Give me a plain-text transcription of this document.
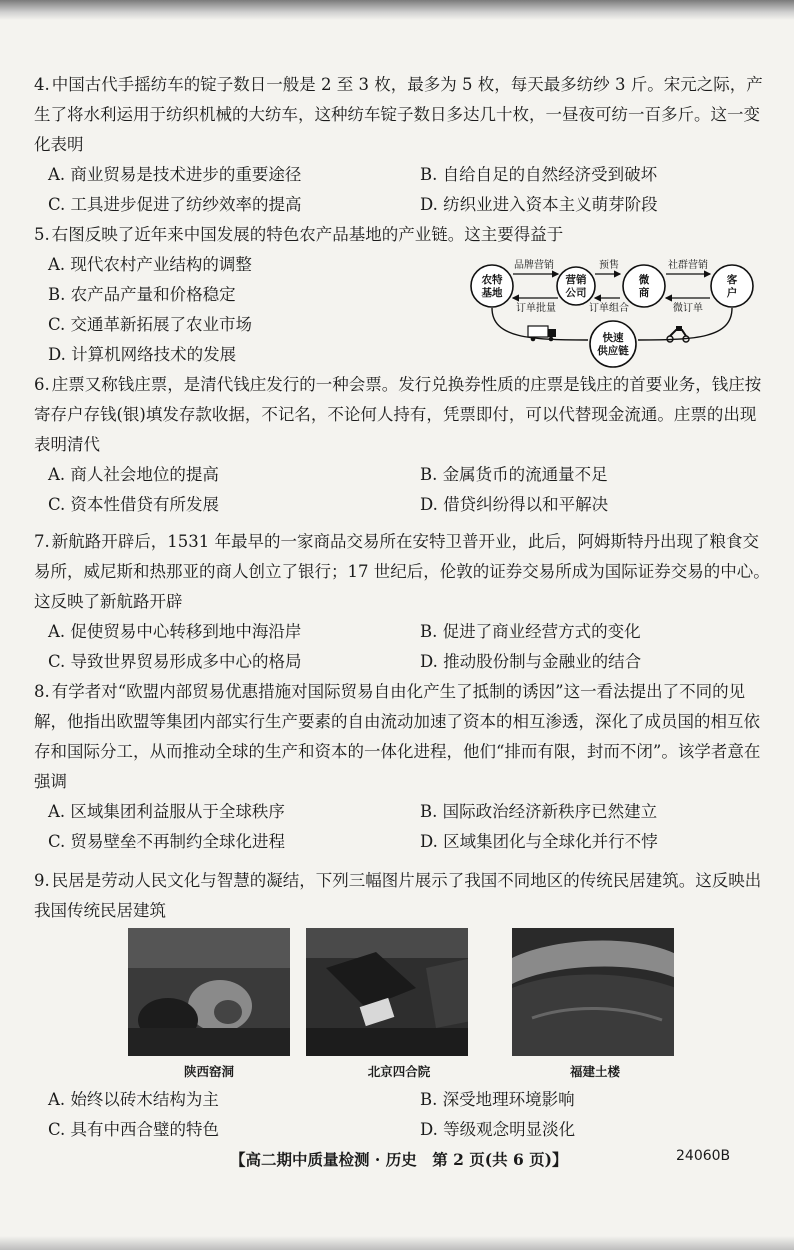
4. 中国古代手摇纺车的锭子数日一般是 2 至 3 枚，最多为 5 枚，每天最多纺纱 3 斤。宋元之际，产生了将水利运用于纺织机械的大纺车，这种纺车锭子数日多达几十枚，一昼夜可纺一百多斤。这一变化表明

A. 商业贸易是技术进步的重要途径	B. 自给自足的自然经济受到破坏
C. 工具进步促进了纺纱效率的提高	D. 纺织业进入资本主义萌芽阶段

5. 右图反映了近年来中国发展的特色农产品基地的产业链。这主要得益于

A. 现代农村产业结构的调整
B. 农产品产量和价格稳定
C. 交通革新拓展了农业市场
D. 计算机网络技术的发展

6. 庄票又称钱庄票，是清代钱庄发行的一种会票。发行兑换券性质的庄票是钱庄的首要业务，钱庄按寄存户存钱(银)填发存款收据，不记名，不论何人持有，凭票即付，可以代替现金流通。庄票的出现表明清代

A. 商人社会地位的提高	B. 金属货币的流通量不足
C. 资本性借贷有所发展	D. 借贷纠纷得以和平解决

7. 新航路开辟后，1531 年最早的一家商品交易所在安特卫普开业，此后，阿姆斯特丹出现了粮食交易所，威尼斯和热那亚的商人创立了银行；17 世纪后，伦敦的证券交易所成为国际证券交易的中心。这反映了新航路开辟

A. 促使贸易中心转移到地中海沿岸	B. 促进了商业经营方式的变化
C. 导致世界贸易形成多中心的格局	D. 推动股份制与金融业的结合

8. 有学者对“欧盟内部贸易优惠措施对国际贸易自由化产生了抵制的诱因”这一看法提出了不同的见解，他指出欧盟等集团内部实行生产要素的自由流动加速了资本的相互渗透，深化了成员国的相互依存和国际分工，从而推动全球的生产和资本的一体化进程，他们“排而有限，封而不闭”。该学者意在强调

A. 区域集团利益服从于全球秩序	B. 国际政治经济新秩序已然建立
C. 贸易壁垒不再制约全球化进程	D. 区域集团化与全球化并行不悖

9. 民居是劳动人民文化与智慧的凝结，下列三幅图片展示了我国不同地区的传统民居建筑。这反映出我国传统民居建筑

A. 始终以砖木结构为主	B. 深受地理环境影响
C. 具有中西合璧的特色	D. 等级观念明显淡化
农特
基地
营销
公司
微
商
客
户
快速
供应链
品牌营销	预售	社群营销
订单批量	订单组合	微订单
陕西窑洞	北京四合院	福建土楼
【高二期中质量检测 · 历史　第 2 页(共 6 页)】	24060B
